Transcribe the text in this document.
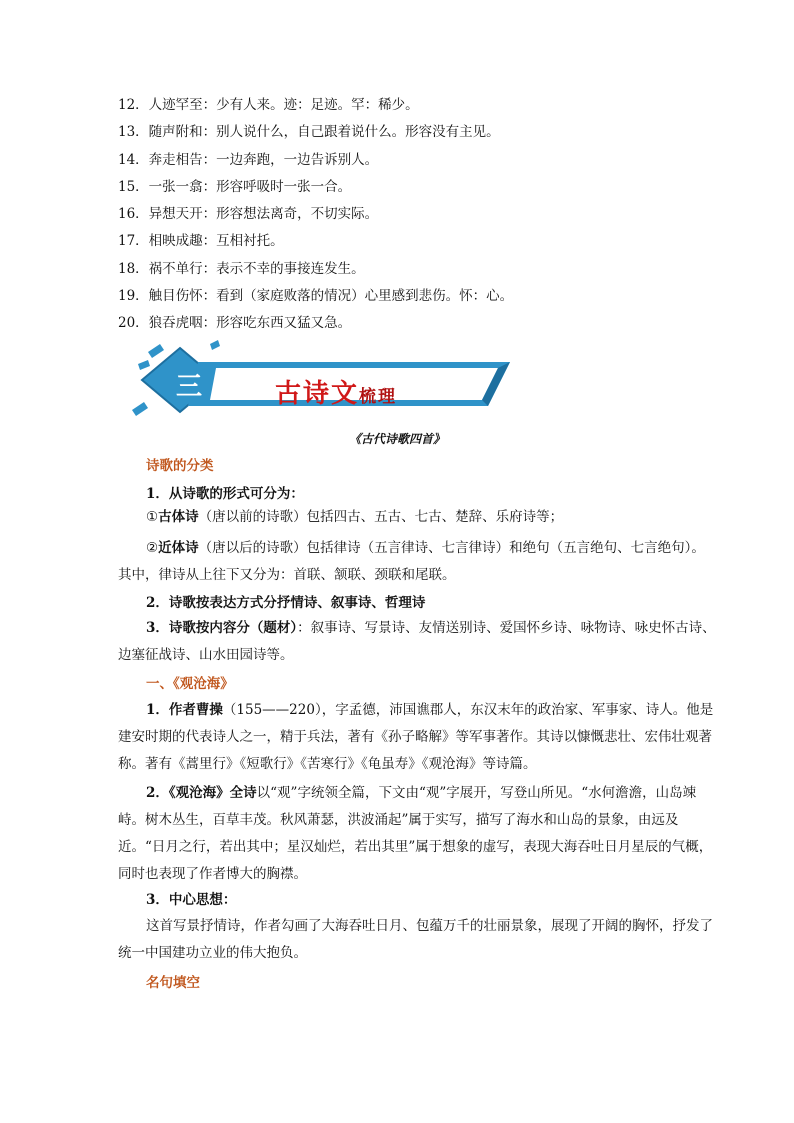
12．人迹罕至：少有人来。迹：足迹。罕：稀少。
13．随声附和：别人说什么，自己跟着说什么。形容没有主见。
14．奔走相告：一边奔跑，一边告诉别人。
15．一张一翕：形容呼吸时一张一合。
16．异想天开：形容想法离奇，不切实际。
17．相映成趣：互相衬托。
18．祸不单行：表示不幸的事接连发生。
19．触目伤怀：看到（家庭败落的情况）心里感到悲伤。怀：心。
20．狼吞虎咽：形容吃东西又猛又急。
三	古诗文梳理
《古代诗歌四首》
诗歌的分类
1．从诗歌的形式可分为：

①古体诗（唐以前的诗歌）包括四古、五古、七古、楚辞、乐府诗等；

②近体诗（唐以后的诗歌）包括律诗（五言律诗、七言律诗）和绝句（五言绝句、七言绝句）。其中，律诗从上往下又分为：首联、颔联、颈联和尾联。

2．诗歌按表达方式分抒情诗、叙事诗、哲理诗

3．诗歌按内容分（题材）：叙事诗、写景诗、友情送别诗、爱国怀乡诗、咏物诗、咏史怀古诗、边塞征战诗、山水田园诗等。

一、《观沧海》

1．作者曹操（155——220），字孟德，沛国谯郡人，东汉末年的政治家、军事家、诗人。他是建安时期的代表诗人之一，精于兵法，著有《孙子略解》等军事著作。其诗以慷慨悲壮、宏伟壮观著称。著有《蒿里行》《短歌行》《苦寒行》《龟虽寿》《观沧海》等诗篇。

2．《观沧海》全诗以“观”字统领全篇，下文由“观”字展开，写登山所见。“水何澹澹，山岛竦峙。树木丛生，百草丰茂。秋风萧瑟，洪波涌起”属于实写，描写了海水和山岛的景象，由远及近。“日月之行，若出其中；星汉灿烂，若出其里”属于想象的虚写，表现大海吞吐日月星辰的气概，同时也表现了作者博大的胸襟。

3．中心思想：

这首写景抒情诗，作者勾画了大海吞吐日月、包蕴万千的壮丽景象，展现了开阔的胸怀，抒发了统一中国建功立业的伟大抱负。

名句填空
